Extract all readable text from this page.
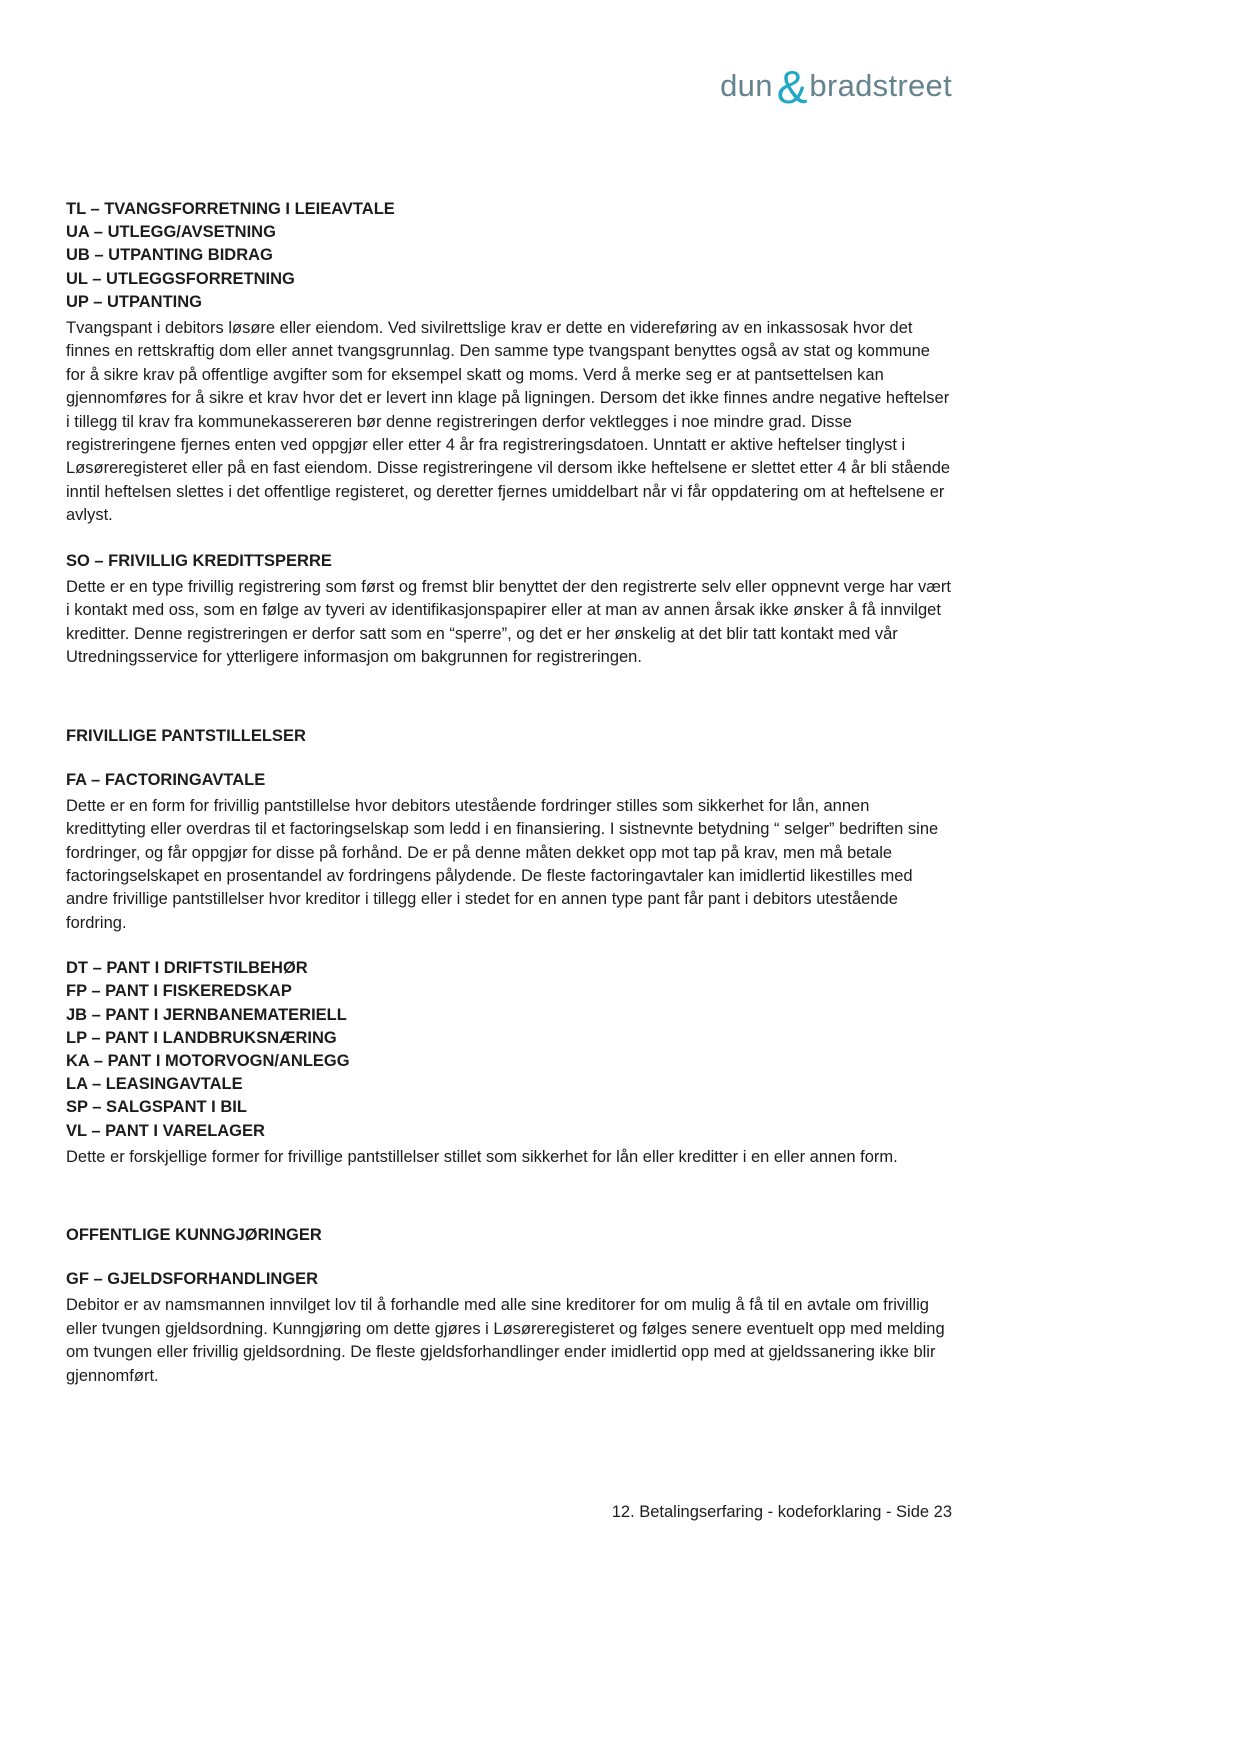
dun&bradstreet
TL – TVANGSFORRETNING I LEIEAVTALE
UA – UTLEGG/AVSETNING
UB – UTPANTING BIDRAG
UL – UTLEGGSFORRETNING
UP – UTPANTING

Tvangspant i debitors løsøre eller eiendom. Ved sivilrettslige krav er dette en videreføring av en inkassosak hvor det finnes en rettskraftig dom eller annet tvangsgrunnlag. Den samme type tvangspant benyttes også av stat og kommune for å sikre krav på offentlige avgifter som for eksempel skatt og moms. Verd å merke seg er at pantsettelsen kan gjennomføres for å sikre et krav hvor det er levert inn klage på ligningen. Dersom det ikke finnes andre negative heftelser i tillegg til krav fra kommunekassereren bør denne registreringen derfor vektlegges i noe mindre grad. Disse registreringene fjernes enten ved oppgjør eller etter 4 år fra registreringsdatoen. Unntatt er aktive heftelser tinglyst i Løsøreregisteret eller på en fast eiendom. Disse registreringene vil dersom ikke heftelsene er slettet etter 4 år bli stående inntil heftelsen slettes i det offentlige registeret, og deretter fjernes umiddelbart når vi får oppdatering om at heftelsene er avlyst.

SO – FRIVILLIG KREDITTSPERRE

Dette er en type frivillig registrering som først og fremst blir benyttet der den registrerte selv eller oppnevnt verge har vært i kontakt med oss, som en følge av tyveri av identifikasjonspapirer eller at man av annen årsak ikke ønsker å få innvilget kreditter. Denne registreringen er derfor satt som en “sperre”, og det er her ønskelig at det blir tatt kontakt med vår Utredningsservice for ytterligere informasjon om bakgrunnen for registreringen.

FRIVILLIGE PANTSTILLELSER
FA – FACTORINGAVTALE

Dette er en form for frivillig pantstillelse hvor debitors utestående fordringer stilles som sikkerhet for lån, annen kredittyting eller overdras til et factoringselskap som ledd i en finansiering. I sistnevnte betydning “ selger” bedriften sine fordringer, og får oppgjør for disse på forhånd. De er på denne måten dekket opp mot tap på krav, men må betale factoringselskapet en prosentandel av fordringens pålydende. De fleste factoringavtaler kan imidlertid likestilles med andre frivillige pantstillelser hvor kreditor i tillegg eller i stedet for en annen type pant får pant i debitors utestående fordring.

DT – PANT I DRIFTSTILBEHØR
FP – PANT I FISKEREDSKAP
JB – PANT I JERNBANEMATERIELL
LP – PANT I LANDBRUKSNÆRING
KA – PANT I MOTORVOGN/ANLEGG
LA – LEASINGAVTALE
SP – SALGSPANT I BIL
VL – PANT I VARELAGER

Dette er forskjellige former for frivillige pantstillelser stillet som sikkerhet for lån eller kreditter i en eller annen form.

OFFENTLIGE KUNNGJØRINGER
GF – GJELDSFORHANDLINGER

Debitor er av namsmannen innvilget lov til å forhandle med alle sine kreditorer for om mulig å få til en avtale om frivillig eller tvungen gjeldsordning. Kunngjøring om dette gjøres i Løsøreregisteret og følges senere eventuelt opp med melding om tvungen eller frivillig gjeldsordning. De fleste gjeldsforhandlinger ender imidlertid opp med at gjeldssanering ikke blir gjennomført.

12. Betalingserfaring - kodeforklaring - Side 23
